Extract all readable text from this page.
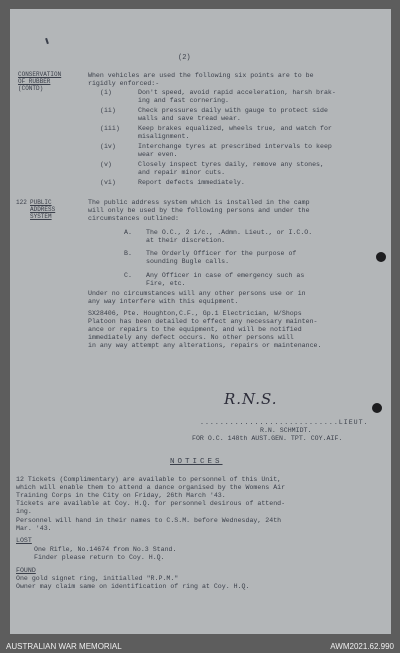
(2)
CONSERVATION
OF RUBBER
(CONTD)
When vehicles are used the following six points are to be
rigidly enforced:-
(i)	Don't speed, avoid rapid acceleration, harsh brak-
ing and fast cornering.
(ii)	Check pressures daily with gauge to protect side
walls and save tread wear.
(iii)	Keep brakes equalized, wheels true, and watch for
misalignment.
(iv)	Interchange tyres at prescribed intervals to keep
wear even.
(v)	Closely inspect tyres daily, remove any stones,
and repair minor cuts.
(vi)	Report defects immediately.
122 PUBLIC
ADDRESS
SYSTEM
The public address system which is installed in the camp
will only be used by the following persons and under the
circumstances outlined:
A. The O.C., 2 i/c., .Admn. Lieut., or I.C.O.
at their discretion.
B. The Orderly Officer for the purpose of
sounding Bugle calls.
C. Any Officer in case of emergency such as
Fire, etc.
Under no circumstances will any other persons use or in
any way interfere with this equipment.
SX28406, Pte. Houghton,C.F., Gp.1 Electrician, W/Shops
Platoon has been detailed to effect any necessary mainten-
ance or repairs to the equipment, and will be notified
immediately any defect occurs. No other persons will
in any way attempt any alterations, repairs or maintenance.
R.N.S.
............................LIEUT.
R.N. SCHMIDT.
FOR O.C. 148th AUST.GEN. TPT. COY.AIF.
NOTICES
12 Tickets (Complimentary) are available to personnel of this Unit,
which will enable them to attend a dance organised by the Womens Air
Training Corps in the City on Friday, 26th March '43.
Tickets are available at Coy. H.Q. for personnel desirous of attend-
ing.
Personnel will hand in their names to C.S.M. before Wednesday, 24th
Mar. '43.
LOST
One Rifle, No.14674 from No.3 Stand.
Finder please return to Coy. H.Q.
FOUND
One gold signet ring, initialled "R.P.M."
Owner may claim same on identification of ring at Coy. H.Q.
AUSTRALIAN WAR MEMORIAL	AWM2021.62.990
